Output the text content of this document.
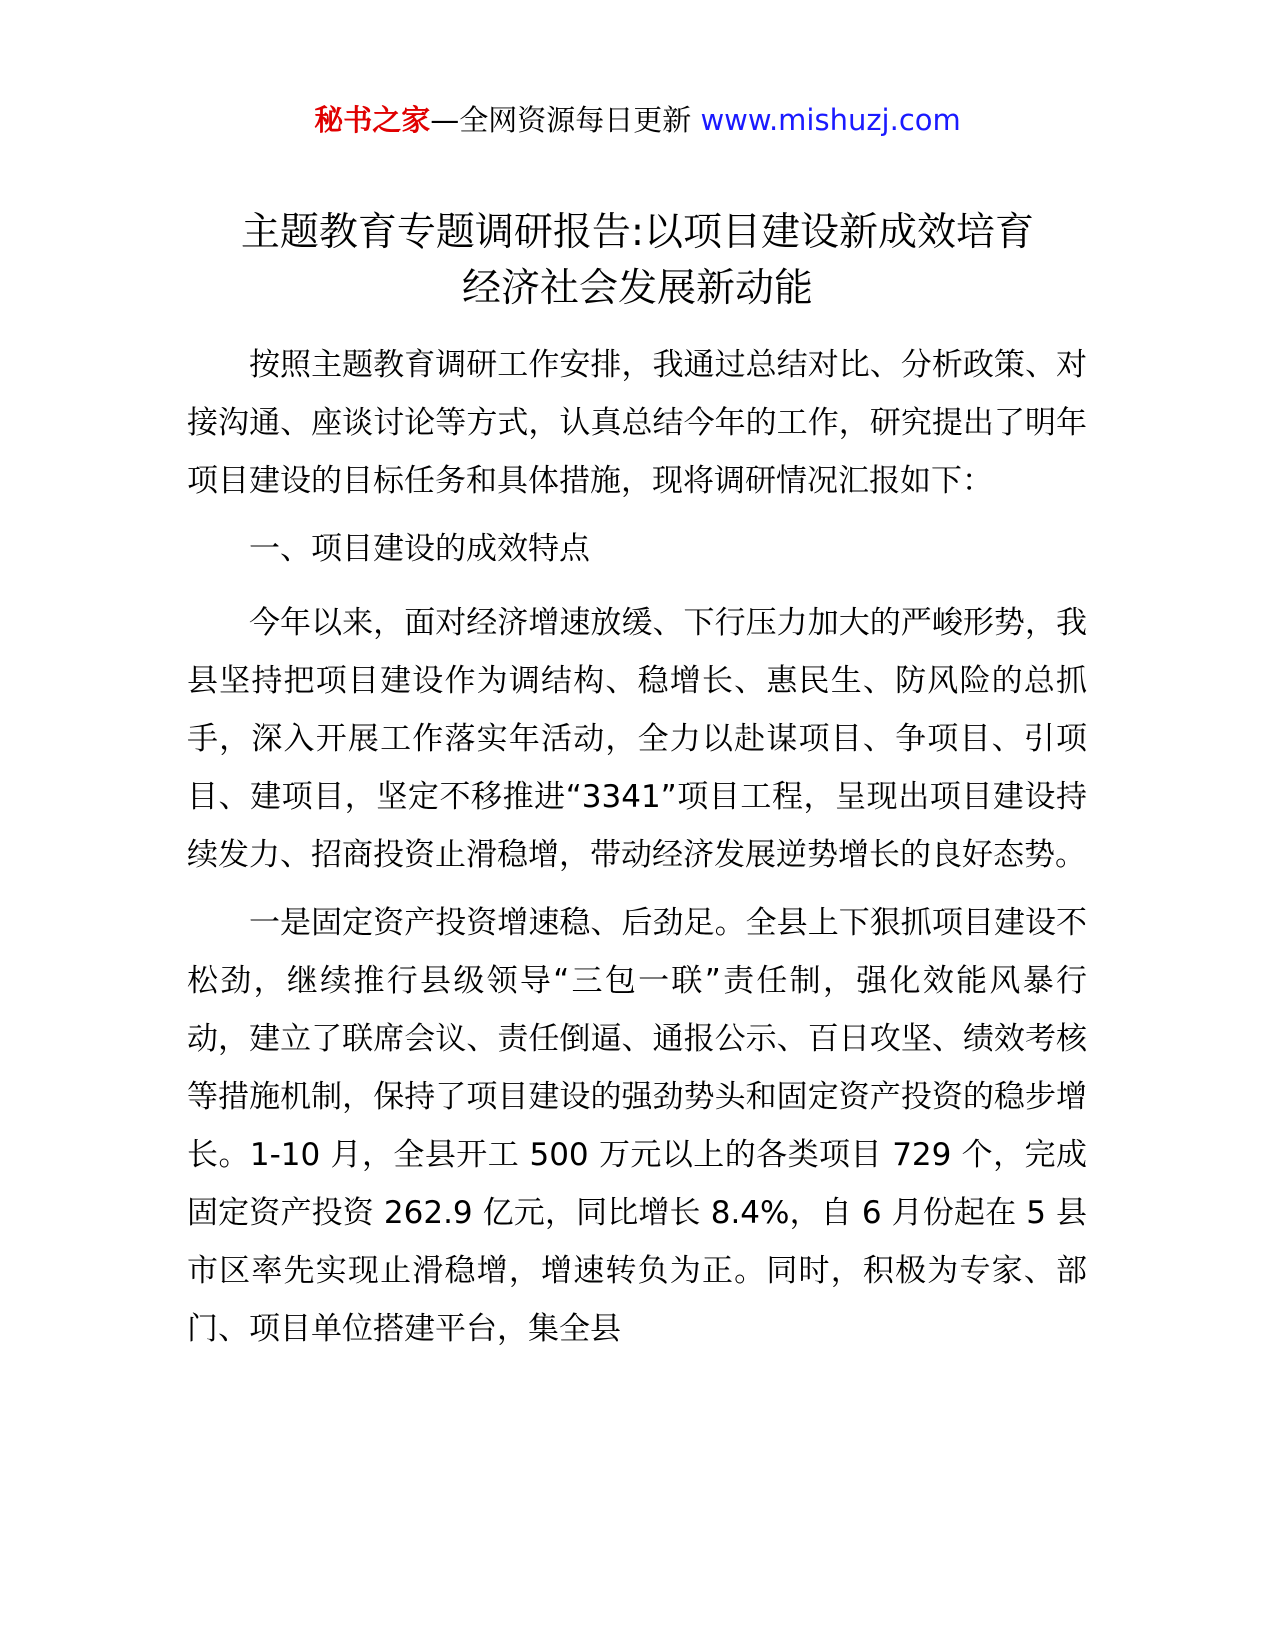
秘书之家—全网资源每日更新 www.mishuzj.com
主题教育专题调研报告:以项目建设新成效培育
经济社会发展新动能

按照主题教育调研工作安排，我通过总结对比、分析政策、对接沟通、座谈讨论等方式，认真总结今年的工作，研究提出了明年项目建设的目标任务和具体措施，现将调研情况汇报如下：

一、项目建设的成效特点

今年以来，面对经济增速放缓、下行压力加大的严峻形势，我县坚持把项目建设作为调结构、稳增长、惠民生、防风险的总抓手，深入开展工作落实年活动，全力以赴谋项目、争项目、引项目、建项目，坚定不移推进“3341”项目工程，呈现出项目建设持续发力、招商投资止滑稳增，带动经济发展逆势增长的良好态势。

一是固定资产投资增速稳、后劲足。全县上下狠抓项目建设不松劲，继续推行县级领导“三包一联”责任制，强化效能风暴行动，建立了联席会议、责任倒逼、通报公示、百日攻坚、绩效考核等措施机制，保持了项目建设的强劲势头和固定资产投资的稳步增长。1-10 月，全县开工 500 万元以上的各类项目 729 个，完成固定资产投资 262.9 亿元，同比增长 8.4%，自 6 月份起在 5 县市区率先实现止滑稳增，增速转负为正。同时，积极为专家、部门、项目单位搭建平台，集全县
